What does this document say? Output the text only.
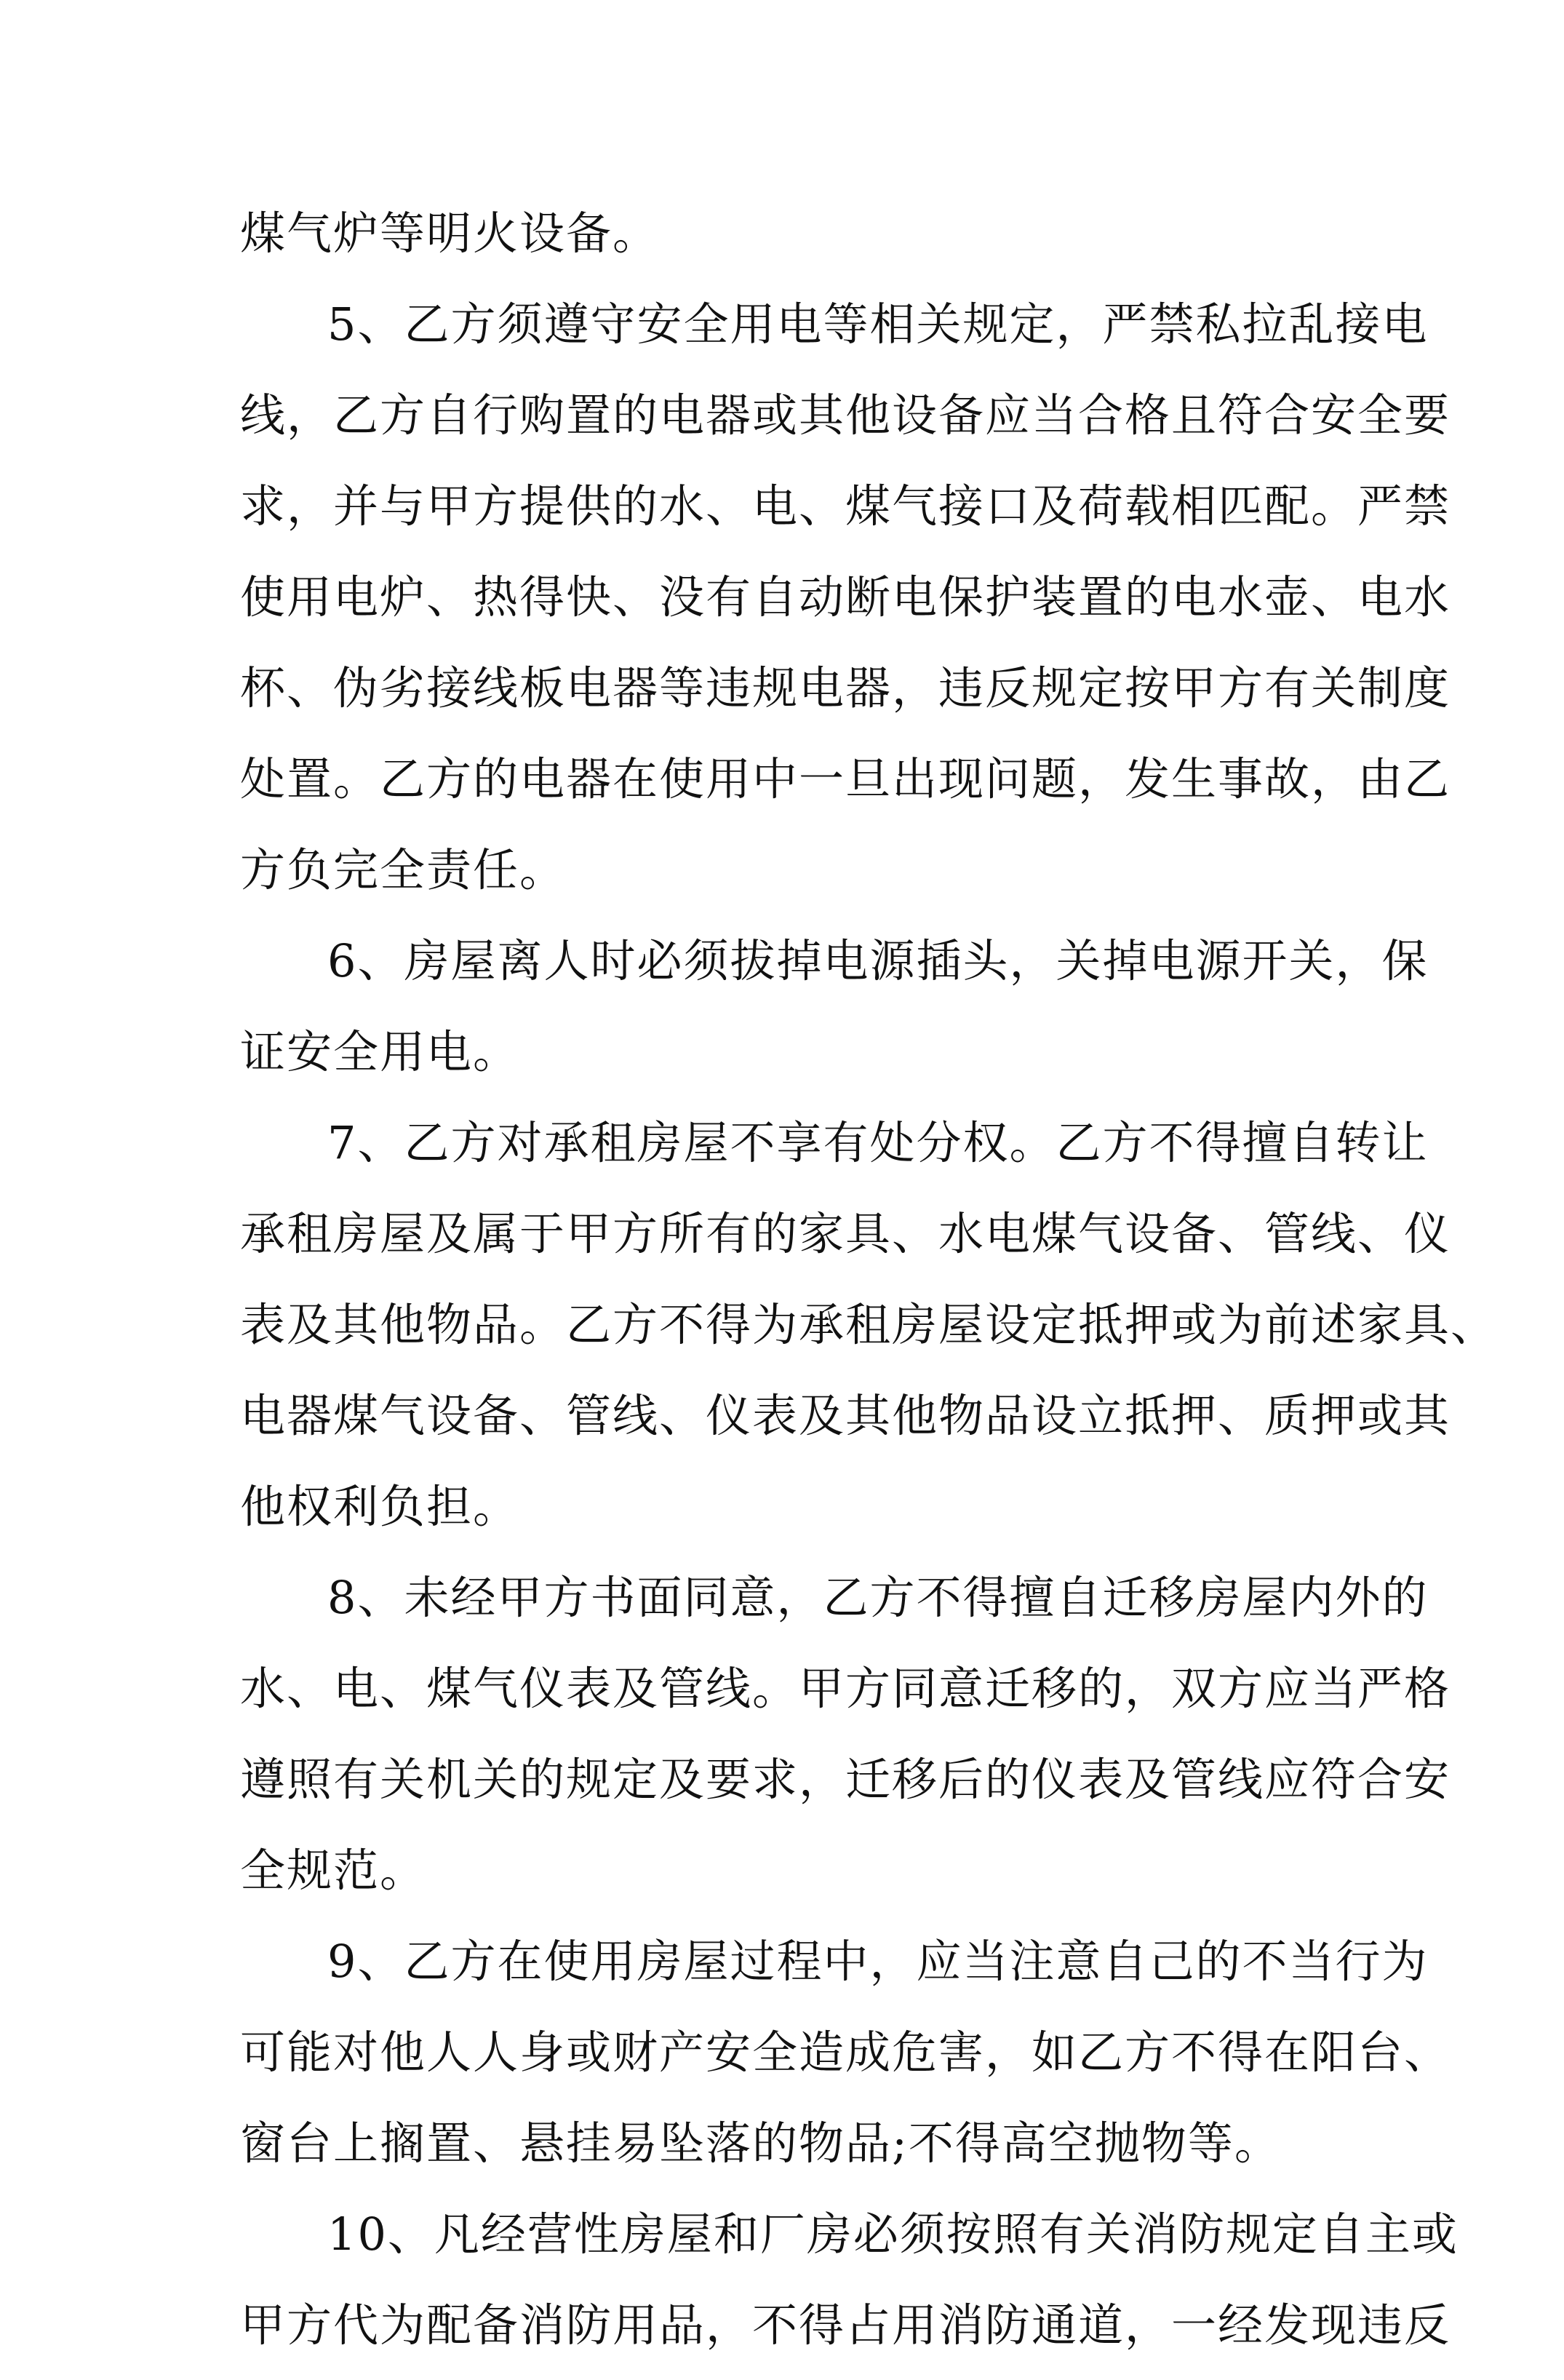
煤气炉等明火设备。
5、乙方须遵守安全用电等相关规定，严禁私拉乱接电
线，乙方自行购置的电器或其他设备应当合格且符合安全要
求，并与甲方提供的水、电、煤气接口及荷载相匹配。严禁
使用电炉、热得快、没有自动断电保护装置的电水壶、电水
杯、伪劣接线板电器等违规电器，违反规定按甲方有关制度
处置。乙方的电器在使用中一旦出现问题，发生事故，由乙
方负完全责任。
6、房屋离人时必须拔掉电源插头，关掉电源开关，保
证安全用电。
7、乙方对承租房屋不享有处分权。乙方不得擅自转让
承租房屋及属于甲方所有的家具、水电煤气设备、管线、仪
表及其他物品。乙方不得为承租房屋设定抵押或为前述家具、
电器煤气设备、管线、仪表及其他物品设立抵押、质押或其
他权利负担。
8、未经甲方书面同意，乙方不得擅自迁移房屋内外的
水、电、煤气仪表及管线。甲方同意迁移的，双方应当严格
遵照有关机关的规定及要求，迁移后的仪表及管线应符合安
全规范。
9、乙方在使用房屋过程中，应当注意自己的不当行为
可能对他人人身或财产安全造成危害，如乙方不得在阳台、
窗台上搁置、悬挂易坠落的物品;不得高空抛物等。
10、凡经营性房屋和厂房必须按照有关消防规定自主或
甲方代为配备消防用品，不得占用消防通道，一经发现违反
